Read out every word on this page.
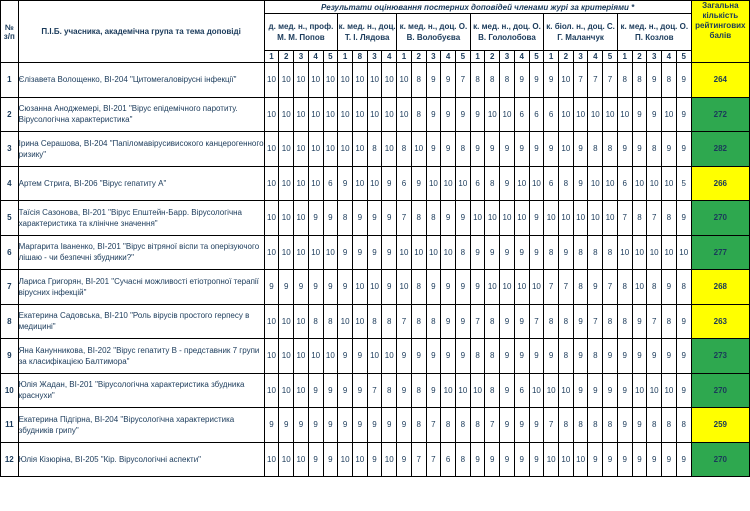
№ з/п	П.І.Б. учасника, академічна група та тема доповіді	Результати оцінювання постерних доповідей членами журі за критеріями *																													Загальна кількість рейтингових балів
		д. мед. н., проф. М. М. Попов					к. мед. н., доц. Т. І. Лядова				к. мед. н., доц. О. В. Волобуєва					к. мед. н., доц. О. В. Гололобова					к. біол. н., доц. С. Г. Маланчук					к. мед. н., доц. О. П. Козлов					
		1	2	3	4	5	1	8	3	4	1	2	3	4	5	1	2	3	4	5	1	2	3	4	5	1	2	3	4	5	
1	Єлізавета Волощенко, ВІ-204 "Цитомегаловірусні інфекції"	10	10	10	10	10	10	10	10	10	10	8	9	9	7	8	8	8	9	9	9	10	7	7	7	8	8	9	8	9	264
2	Сюзанна Аноджемері, ВІ-201 "Вірус епідемічного паротиту. Вірусологічна характеристика"	10	10	10	10	10	10	10	10	10	10	8	9	9	9	9	10	10	6	6	6	10	10	10	10	10	9	9	10	9	272
3	Ірина Серашова, ВІ-204 "Папіломавірусивисокого канцерогенного ризику"	10	10	10	10	10	10	10	8	10	8	10	9	9	8	9	9	9	9	9	9	10	9	8	8	9	9	8	9	9	282
4	Артем Стрига, ВІ-206 "Вірус гепатиту А"	10	10	10	10	6	9	10	10	9	6	9	10	10	10	6	8	9	10	10	6	8	9	10	10	6	10	10	10	5	266
5	Таїсія Сазонова, ВІ-201 "Вірус Епштейн-Барр. Вірусологічна характеристика та клінічне значення"	10	10	10	9	9	8	9	9	9	7	8	8	9	9	10	10	10	10	9	10	10	10	10	10	7	8	7	8	9	270
6	Маргарита Іваненко, ВІ-201 "Вірус вітряної віспи та оперізуючого лішаю - чи безпечні збудники?"	10	10	10	10	10	9	9	9	9	10	10	10	10	8	9	9	9	9	9	8	9	8	8	8	10	10	10	10	10	277
7	Лариса Григорян, ВІ-201 "Сучасні можливості етіотропної терапії вірусних інфекцій"	9	9	9	9	9	9	10	10	9	10	8	9	9	9	9	10	10	10	10	7	7	8	9	7	8	10	8	9	8	268
8	Екатерина Садовська, ВІ-210 "Роль вірусів простого герпесу в медицині"	10	10	10	8	8	10	10	8	8	7	8	8	9	9	7	8	9	9	7	8	8	9	7	8	8	9	7	8	9	263
9	Яна Канунникова, ВІ-202 "Вірус гепатиту В - представник 7 групи за класифікацією Балтимора"	10	10	10	10	10	9	9	10	10	9	9	9	9	9	8	8	9	9	9	9	8	9	8	9	9	9	9	9	9	273
10	Юлія Жадан, ВІ-201 "Вірусологічна характеристика збудника краснухи"	10	10	10	9	9	9	9	7	8	9	8	9	10	10	10	8	9	6	10	10	10	9	9	9	9	10	10	10	9	270
11	Екатерина Підгірна, ВІ-204 "Вірусологічна характеристика збудників грипу"	9	9	9	9	9	9	9	9	9	9	8	7	8	8	8	7	9	9	9	7	8	8	8	8	9	9	8	8	8	259
12	Юлія Кізюріна, ВІ-205 "Кір. Вірусологічні аспекти"	10	10	10	9	9	10	10	9	10	9	7	7	6	8	9	9	9	9	9	10	10	10	9	9	9	9	9	9	9	270
